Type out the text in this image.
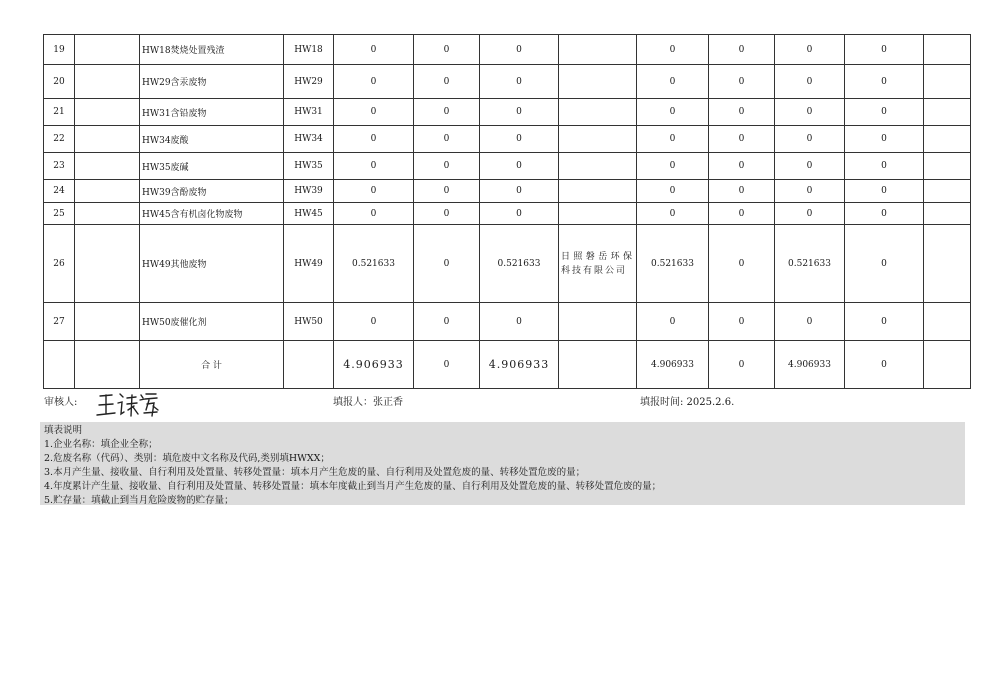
19		HW18焚烧处置残渣	HW18	0	0	0		0	0	0	0	
20		HW29含汞废物	HW29	0	0	0		0	0	0	0	
21		HW31含铅废物	HW31	0	0	0		0	0	0	0	
22		HW34废酸	HW34	0	0	0		0	0	0	0	
23		HW35废碱	HW35	0	0	0		0	0	0	0	
24		HW39含酚废物	HW39	0	0	0		0	0	0	0	
25		HW45含有机卤化物废物	HW45	0	0	0		0	0	0	0	
26		HW49其他废物	HW49	0.521633	0	0.521633	日照磐岳环保科技有限公司	0.521633	0	0.521633	0	
27		HW50废催化剂	HW50	0	0	0		0	0	0	0	
		合 计		4.906933	0	4.906933		4.906933	0	4.906933	0	
审核人:	填报人：张正香	填报时间: 2025.2.6.
填表说明
1.企业名称：填企业全称；
2.危废名称（代码）、类别：填危废中文名称及代码,类别填HWXX；
3.本月产生量、接收量、自行利用及处置量、转移处置量：填本月产生危废的量、自行利用及处置危废的量、转移处置危废的量；
4.年度累计产生量、接收量、自行利用及处置量、转移处置量：填本年度截止到当月产生危废的量、自行利用及处置危废的量、转移处置危废的量；
5.贮存量：填截止到当月危险废物的贮存量；
